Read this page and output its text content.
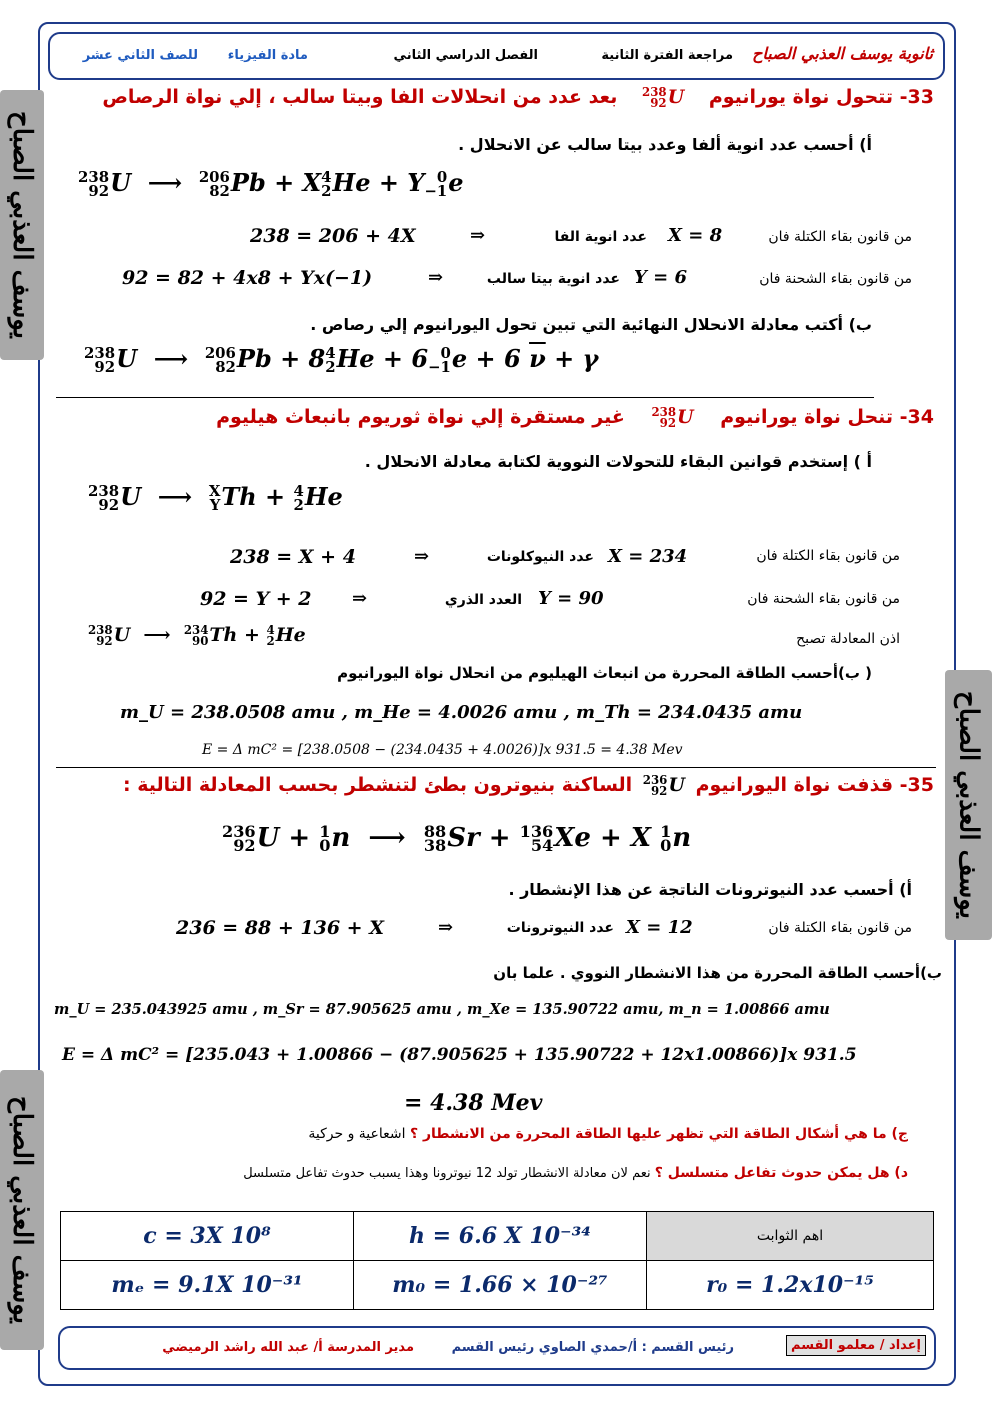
ثانوية يوسف العذبي الصباح
مراجعة الفترة الثانية
الفصل الدراسي الثاني
مادة الفيزياء
للصف الثاني عشر
يوسف العذبي الصباح
يوسف العذبي الصباح
يوسف العذبي الصباح
33- تتحول نواة يورانيوم
238
92 U بعد عدد من انحلالات الفا وبيتا سالب ، إلي نواة الرصاص
أ) أحسب عدد انوية ألفا وعدد بيتا سالب عن الانحلال .
238
92 U  ⟶ 206
82 Pb + X 4
2 He + Y 0
−1 e
من قانون بقاء الكتلة فان
X = 8
عدد انوية الفا
⇒
238 = 206 + 4X
من قانون بقاء الشحنة فان
Y = 6
عدد انوية بيتا سالب
⇒
92 = 82 + 4x8 + Yx(−1)
ب) أكتب معادلة الانحلال النهائية التي تبين تحول اليورانيوم إلي رصاص .
238
92 U  ⟶ 206
82 Pb + 8 4
2 He + 6 0
−1 e + 6 $\overline{\nu} + \gamma$
34- تنحل نواة يورانيوم
238
92 U غير مستقرة إلي نواة ثوريوم بانبعاث هيليوم
أ ) إستخدم قوانين البقاء للتحولات النووية لكتابة معادلة الانحلال .
238
92 U  ⟶ X
Y Th + 4
2 He
من قانون بقاء الكتلة فان
X = 234
عدد النيوكلونات
⇒
238 = X + 4
من قانون بقاء الشحنة فان
Y = 90
العدد الذري
⇒
92 = Y + 2
اذن المعادلة تصبح
238
92 U  ⟶ 234
90 Th + 4
2 He
( ب)أحسب الطاقة المحررة من انبعاث الهيليوم من انحلال نواة اليورانيوم
m_U = 238.0508 amu , m_He = 4.0026 amu , m_Th = 234.0435 amu
E = Δ mC² = [238.0508 − (234.0435 + 4.0026)]x 931.5 = 4.38 Mev
35- قذفت نواة اليورانيوم
236
92 U الساكنة بنيوترون بطئ لتنشطر بحسب المعادلة التالية :
236
92 U + 1
0 n  ⟶ 88
38 Sr + 136
54 Xe + X 1
0 n
أ) أحسب عدد النيوترونات الناتجة عن هذا الإنشطار .
من قانون بقاء الكتلة فان
X = 12
عدد النيوترونات
⇒
236 = 88 + 136 + X
ب)أحسب الطاقة المحررة من هذا الانشطار النووي . علما بان
m_U = 235.043925 amu , m_Sr = 87.905625 amu , m_Xe = 135.90722 amu, m_n = 1.00866 amu
E = Δ mC² = [235.043 + 1.00866 − (87.905625 + 135.90722 + 12x1.00866)]x 931.5
= 4.38 Mev
ج) ما هي أشكال الطاقة التي تظهر عليها الطاقة المحررة من الانشطار ؟ اشعاعية و حركية
د) هل يمكن حدوث تفاعل متسلسل ؟ نعم لان معادلة الانشطار تولد 12 نيوترونا وهذا يسبب حدوث تفاعل متسلسل
c = 3X 10⁸	h = 6.6 X 10⁻³⁴	اهم الثوابت
mₑ = 9.1X 10⁻³¹	m₀ = 1.66 × 10⁻²⁷	r₀ = 1.2x10⁻¹⁵
إعداد / معلمو القسم
رئيس القسم : أ/حمدي الصاوي رئيس القسم
مدير المدرسة أ/ عبد الله راشد الرميضي
